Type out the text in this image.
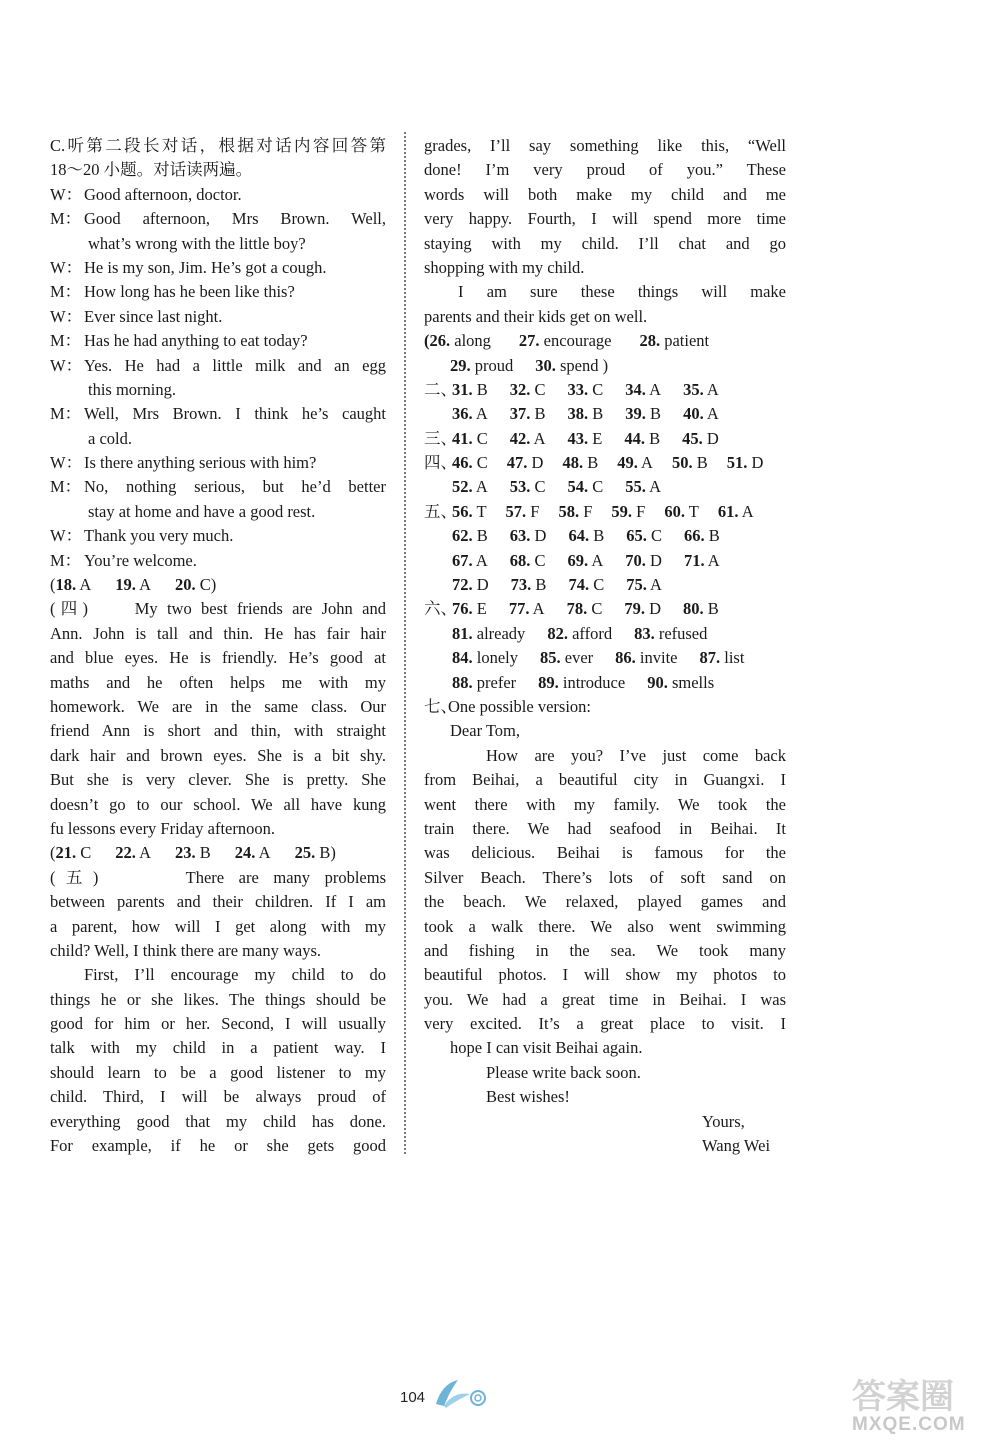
C.听第二段长对话，根据对话内容回答第
18～20 小题。对话读两遍。
W： Good afternoon, doctor.
M： Good afternoon, Mrs Brown. Well,
what’s wrong with the little boy?
W： He is my son, Jim. He’s got a cough.
M： How long has he been like this?
W： Ever since last night.
M： Has he had anything to eat today?
W： Yes. He had a little milk and an egg
this morning.
M： Well, Mrs Brown. I think he’s caught
a cold.
W： Is there anything serious with him?
M： No, nothing serious, but he’d better
stay at home and have a good rest.
W： Thank you very much.
M： You’re welcome.
(18. A 19. A 20. C)
(四)	My two best friends are John and
Ann. John is tall and thin. He has fair hair
and blue eyes. He is friendly. He’s good at
maths and he often helps me with my
homework. We are in the same class. Our
friend Ann is short and thin, with straight
dark hair and brown eyes. She is a bit shy.
But she is very clever. She is pretty. She
doesn’t go to our school. We all have kung
fu lessons every Friday afternoon.
(21. C 22. A 23. B 24. A 25. B)
(五)	There are many problems
between parents and their children. If I am
a parent, how will I get along with my
child? Well, I think there are many ways.
First, I’ll encourage my child to do
things he or she likes. The things should be
good for him or her. Second, I will usually
talk with my child in a patient way. I
should learn to be a good listener to my
child. Third, I will be always proud of
everything good that my child has done.
For example, if he or she gets good
grades, I’ll say something like this, “Well
done! I’m very proud of you.” These
words will both make my child and me
very happy. Fourth, I will spend more time
staying with my child. I’ll chat and go
shopping with my child.
I am sure these things will make
parents and their kids get on well.
(26. along 27. encourage 28. patient
29. proud 30. spend )
二、
31. B 32. C 33. C 34. A 35. A
36. A 37. B 38. B 39. B 40. A
三、
41. C 42. A 43. E 44. B 45. D
四、
46. C 47. D 48. B 49. A 50. B 51. D
52. A 53. C 54. C 55. A
五、
56. T 57. F 58. F 59. F 60. T 61. A
62. B 63. D 64. B 65. C 66. B
67. A 68. C 69. A 70. D 71. A
72. D 73. B 74. C 75. A
六、
76. E 77. A 78. C 79. D 80. B
81. already 82. afford 83. refused
84. lonely 85. ever 86. invite 87. list
88. prefer 89. introduce 90. smells
七、
One possible version:
Dear Tom,
How are you? I’ve just come back
from Beihai, a beautiful city in Guangxi. I
went there with my family. We took the
train there. We had seafood in Beihai. It
was delicious. Beihai is famous for the
Silver Beach. There’s lots of soft sand on
the beach. We relaxed, played games and
took a walk there. We also went swimming
and fishing in the sea. We took many
beautiful photos. I will show my photos to
you. We had a great time in Beihai. I was
very excited. It’s a great place to visit. I
hope I can visit Beihai again.
Please write back soon.
Best wishes!
Yours,
Wang Wei
104	答案圈
MXQE.COM
